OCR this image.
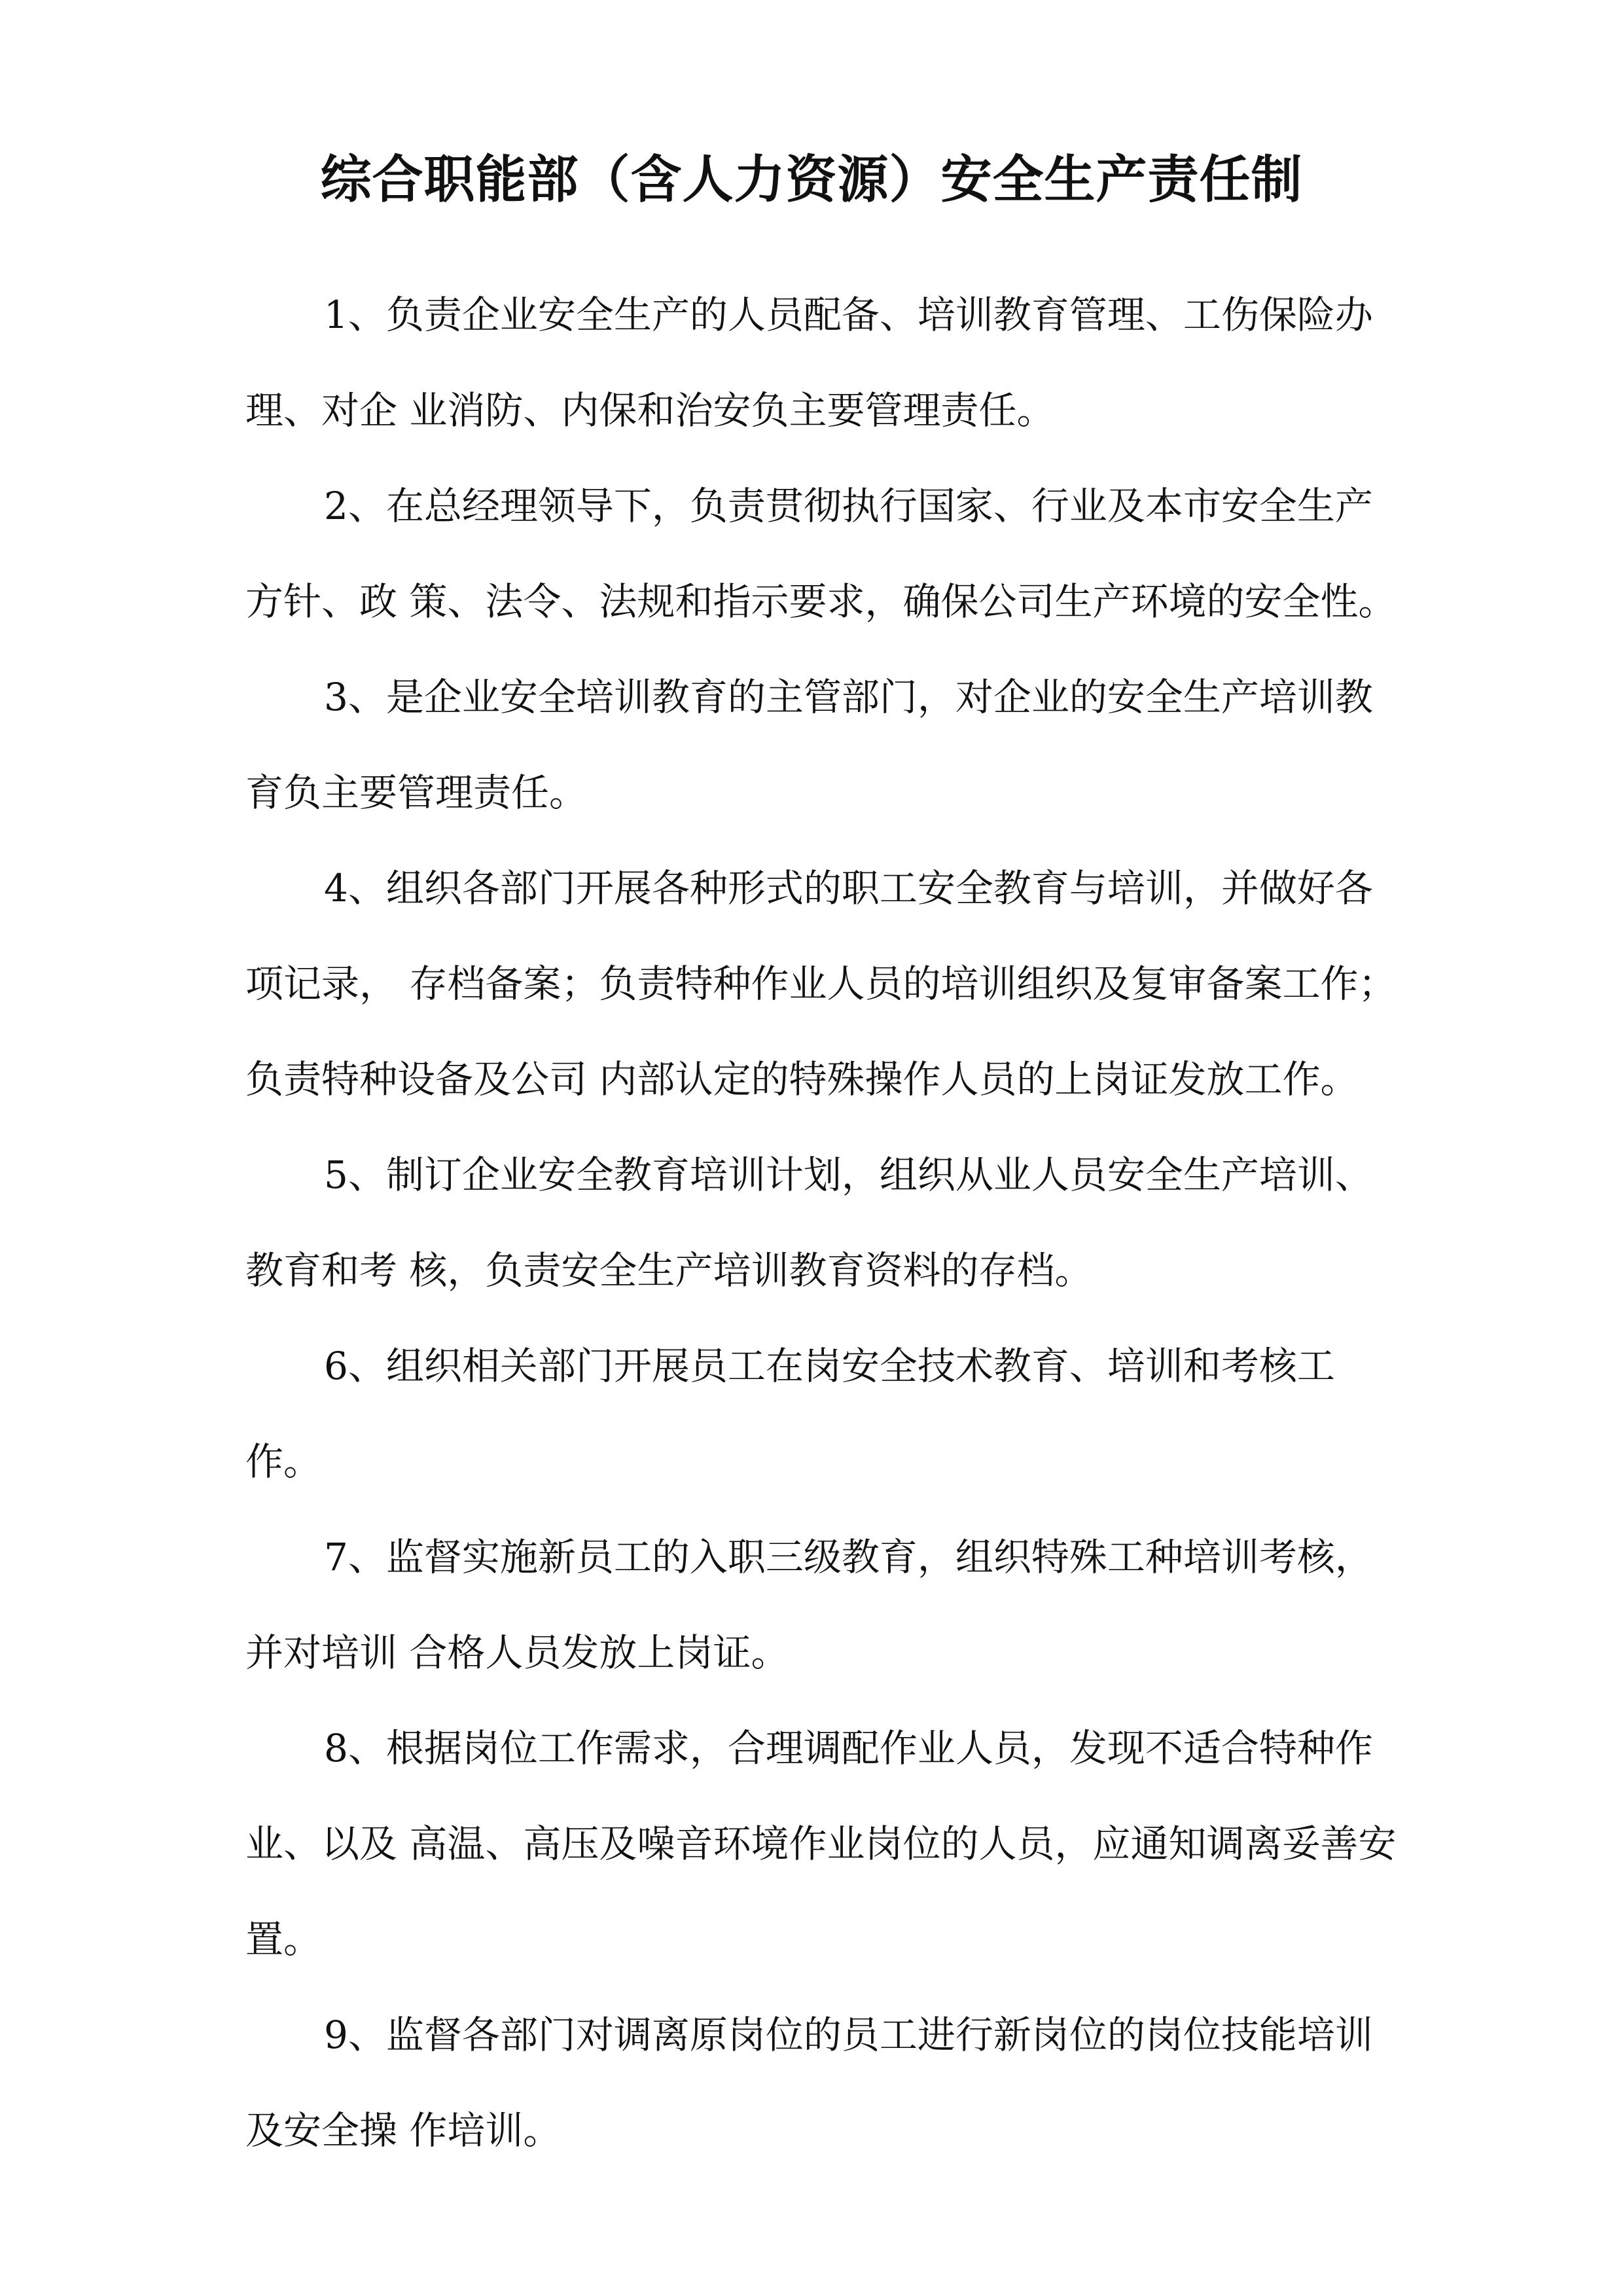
综合职能部（含人力资源）安全生产责任制

1、负责企业安全生产的人员配备、培训教育管理、工伤保险办理、对企 业消防、内保和治安负主要管理责任。

2、在总经理领导下，负责贯彻执行国家、行业及本市安全生产方针、政 策、法令、法规和指示要求，确保公司生产环境的安全性。

3、是企业安全培训教育的主管部门，对企业的安全生产培训教育负主要管理责任。

4、组织各部门开展各种形式的职工安全教育与培训，并做好各项记录， 存档备案；负责特种作业人员的培训组织及复审备案工作；负责特种设备及公司 内部认定的特殊操作人员的上岗证发放工作。

5、制订企业安全教育培训计划，组织从业人员安全生产培训、教育和考 核，负责安全生产培训教育资料的存档。

6、组织相关部门开展员工在岗安全技术教育、培训和考核工作。

7、监督实施新员工的入职三级教育，组织特殊工种培训考核，并对培训 合格人员发放上岗证。

8、根据岗位工作需求，合理调配作业人员，发现不适合特种作业、以及 高温、高压及噪音环境作业岗位的人员，应通知调离妥善安置。

9、监督各部门对调离原岗位的员工进行新岗位的岗位技能培训及安全操 作培训。
